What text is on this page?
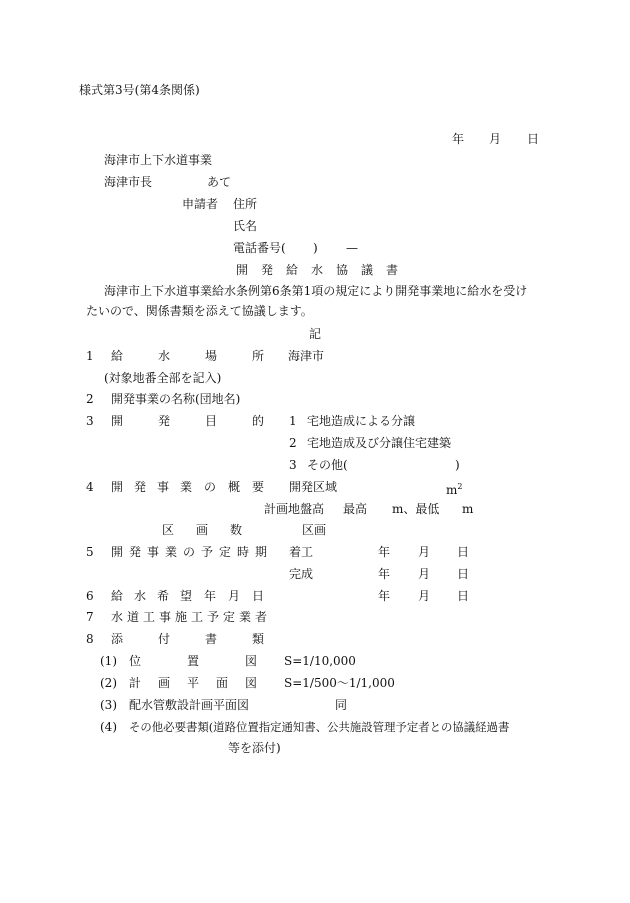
様式第3号(第4条関係)
年 月 日
海津市上下水道事業
海津市長	あて
申請者 住所
氏名
電話番号( ) —
開 発 給 水 協 議 書
海津市上下水道事業給水条例第6条第1項の規定により開発事業地に給水を受け
たいので、関係書類を添えて協議します。
記
1 給	水	場	所 海津市
(対象地番全部を記入)
2 開発事業の名称(団地名)
3 開	発	目	的 1 宅地造成による分譲
2 宅地造成及び分譲住宅建築
3 その他(	)
4 開 発 事 業 の 概 要 開発区域	$m^2$
計画地盤高 最高 m、最低 m
区 画 数	区画
5 開 発 事 業 の 予 定 時 期 着工	年 月 日
完成	年 月 日
6 給 水 希 望 年 月 日	年 月 日
7 水 道 工 事 施 工 予 定 業 者
8 添	付	書	類
(1) 位	置	図 S=1/10,000
(2) 計 画 平 面 図 S=1/500〜1/1,000
(3) 配水管敷設計画平面図	同
(4) その他必要書類(道路位置指定通知書、公共施設管理予定者との協議経過書
等を添付)
